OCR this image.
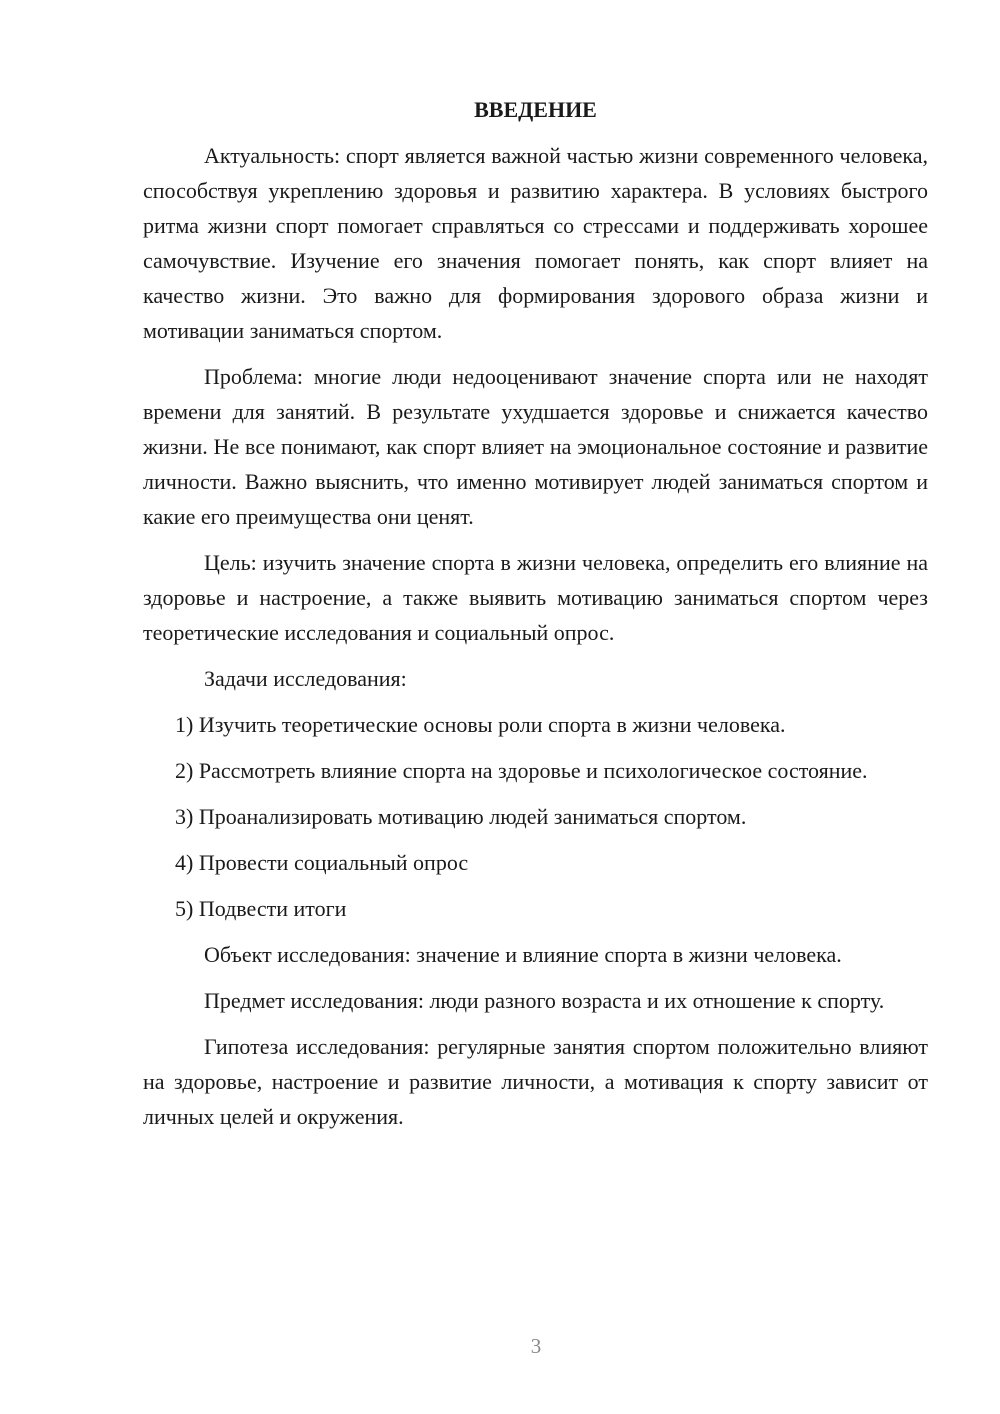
ВВЕДЕНИЕ

Актуальность: спорт является важной частью жизни современного человека, способствуя укреплению здоровья и развитию характера. В условиях быстрого ритма жизни спорт помогает справляться со стрессами и поддерживать хорошее самочувствие. Изучение его значения помогает понять, как спорт влияет на качество жизни. Это важно для формирования здорового образа жизни и мотивации заниматься спортом.

Проблема: многие люди недооценивают значение спорта или не находят времени для занятий. В результате ухудшается здоровье и снижается качество жизни. Не все понимают, как спорт влияет на эмоциональное состояние и развитие личности. Важно выяснить, что именно мотивирует людей заниматься спортом и какие его преимущества они ценят.

Цель: изучить значение спорта в жизни человека, определить его влияние на здоровье и настроение, а также выявить мотивацию заниматься спортом через теоретические исследования и социальный опрос.

Задачи исследования:

1) Изучить теоретические основы роли спорта в жизни человека.

2) Рассмотреть влияние спорта на здоровье и психологическое состояние.

3) Проанализировать мотивацию людей заниматься спортом.

4) Провести социальный опрос

5) Подвести итоги

Объект исследования: значение и влияние спорта в жизни человека.

Предмет исследования: люди разного возраста и их отношение к спорту.

Гипотеза исследования: регулярные занятия спортом положительно влияют на здоровье, настроение и развитие личности, а мотивация к спорту зависит от личных целей и окружения.

3
